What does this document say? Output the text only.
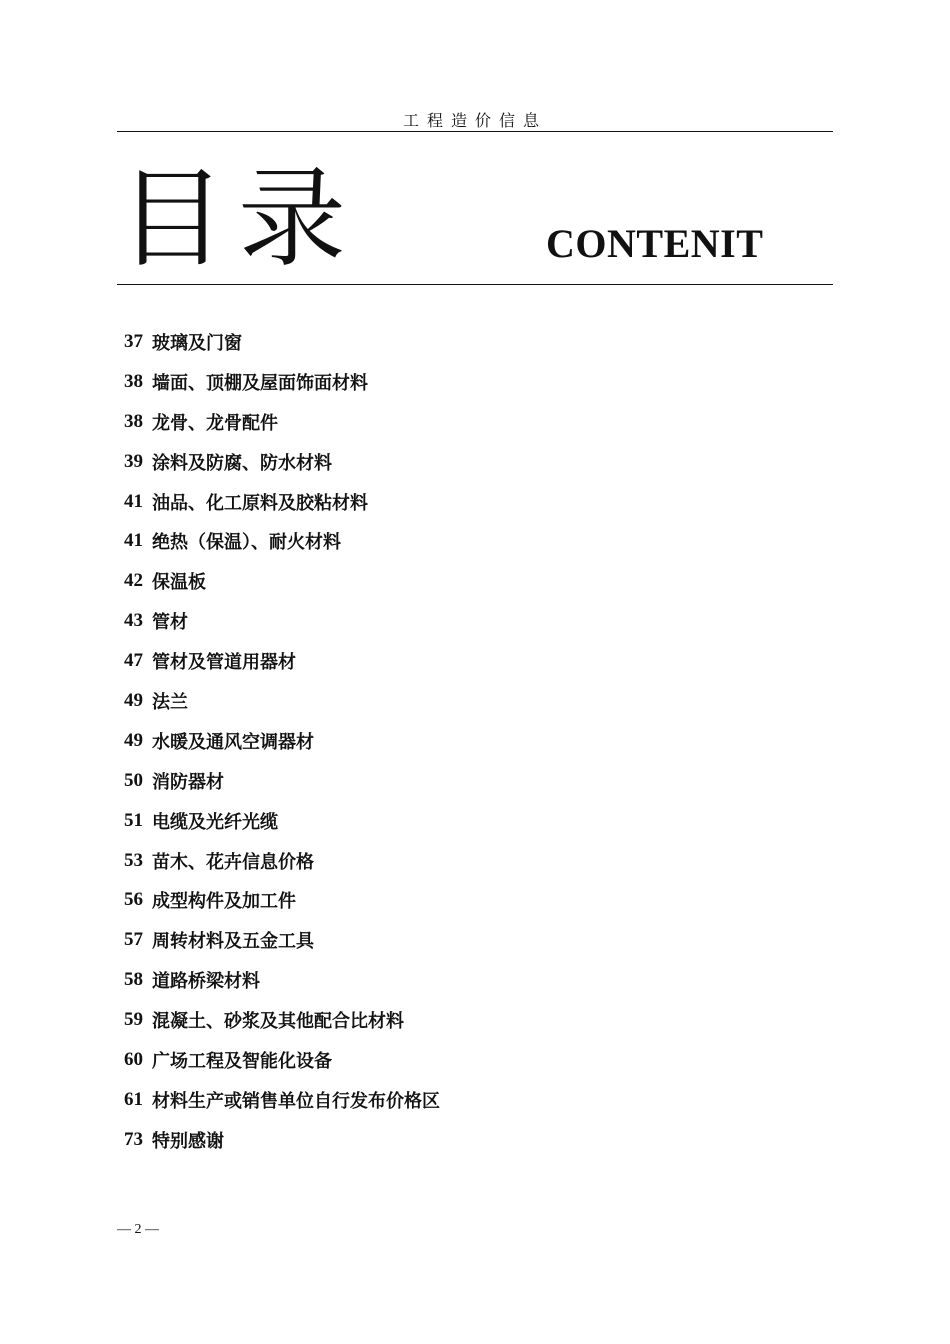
工程造价信息
目 录	CONTENIT
37 玻璃及门窗
38 墙面、顶棚及屋面饰面材料
38 龙骨、龙骨配件
39 涂料及防腐、防水材料
41 油品、化工原料及胶粘材料
41 绝热（保温）、耐火材料
42 保温板
43 管材
47 管材及管道用器材
49 法兰
49 水暖及通风空调器材
50 消防器材
51 电缆及光纤光缆
53 苗木、花卉信息价格
56 成型构件及加工件
57 周转材料及五金工具
58 道路桥梁材料
59 混凝土、砂浆及其他配合比材料
60 广场工程及智能化设备
61 材料生产或销售单位自行发布价格区
73 特别感谢
— 2 —
